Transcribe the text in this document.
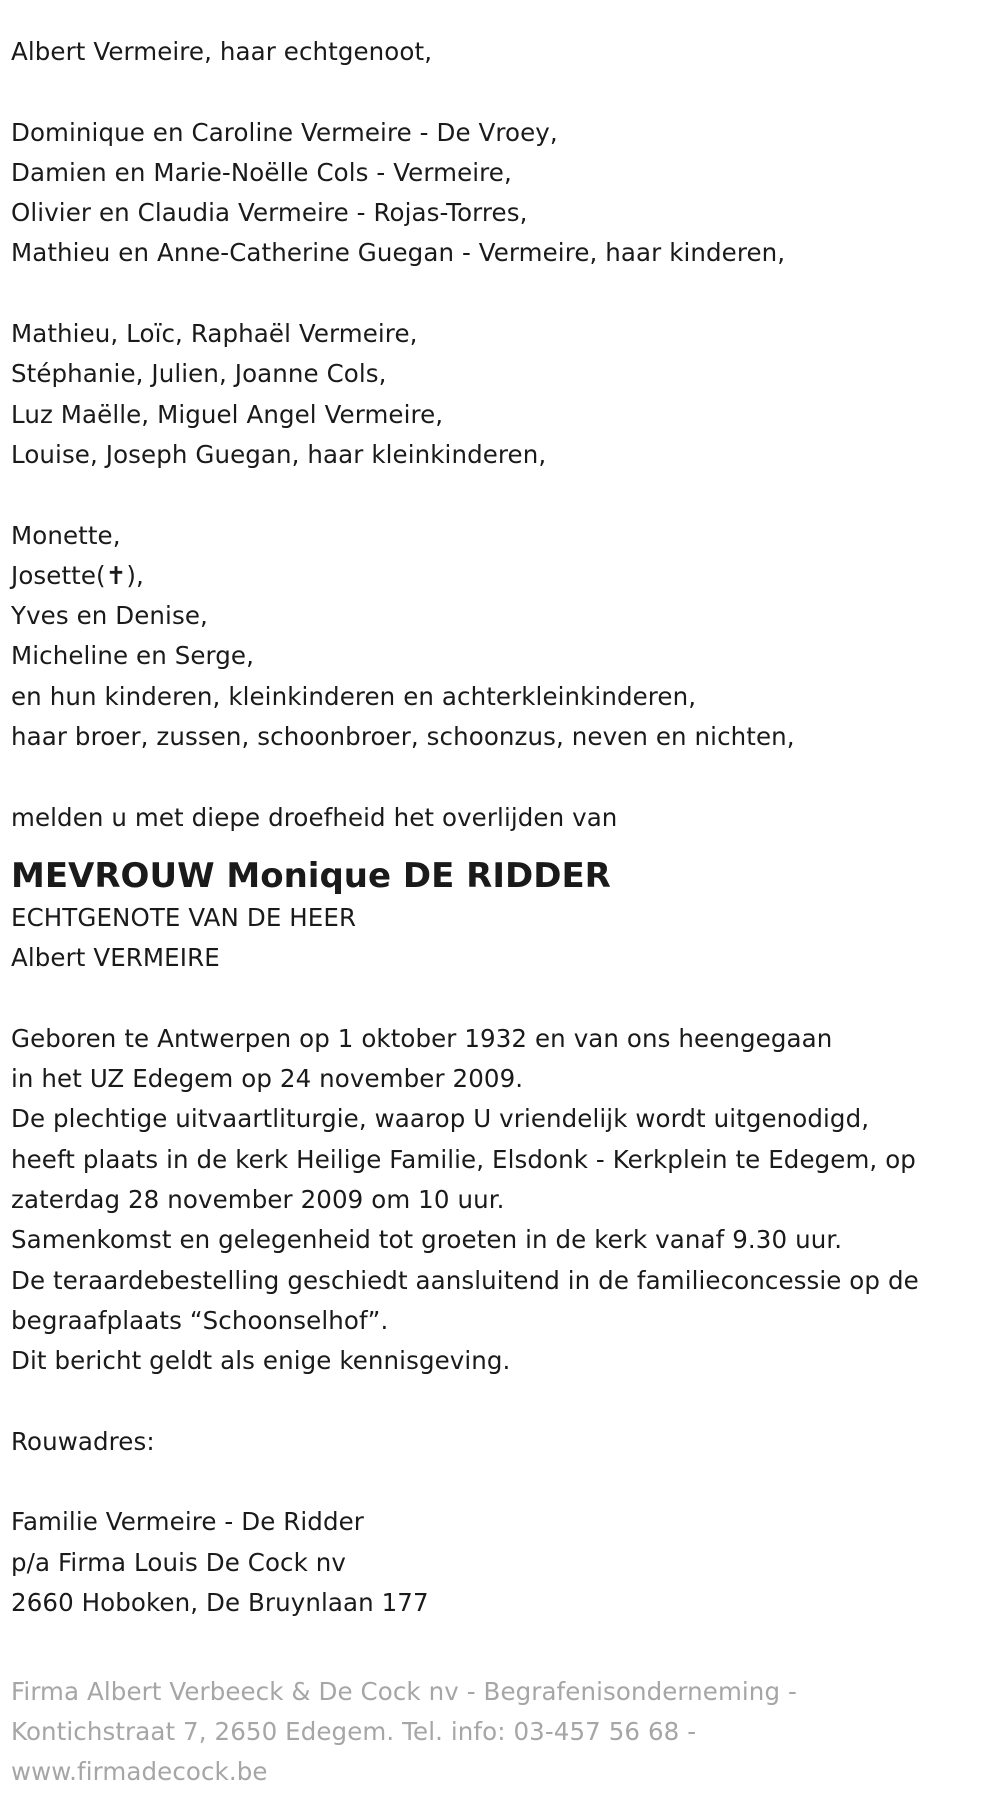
Albert Vermeire, haar echtgenoot,
Dominique en Caroline Vermeire - De Vroey,
Damien en Marie-Noëlle Cols - Vermeire,
Olivier en Claudia Vermeire - Rojas-Torres,
Mathieu en Anne-Catherine Guegan - Vermeire, haar kinderen,
Mathieu, Loïc, Raphaël Vermeire,
Stéphanie, Julien, Joanne Cols,
Luz Maëlle, Miguel Angel Vermeire,
Louise, Joseph Guegan, haar kleinkinderen,
Monette,
Josette(✝),
Yves en Denise,
Micheline en Serge,
en hun kinderen, kleinkinderen en achterkleinkinderen,
haar broer, zussen, schoonbroer, schoonzus, neven en nichten,
melden u met diepe droefheid het overlijden van
MEVROUW Monique DE RIDDER
ECHTGENOTE VAN DE HEER
Albert VERMEIRE
Geboren te Antwerpen op 1 oktober 1932 en van ons heengegaan
in het UZ Edegem op 24 november 2009.
De plechtige uitvaartliturgie, waarop U vriendelijk wordt uitgenodigd,
heeft plaats in de kerk Heilige Familie, Elsdonk - Kerkplein te Edegem, op
zaterdag 28 november 2009 om 10 uur.
Samenkomst en gelegenheid tot groeten in de kerk vanaf 9.30 uur.
De teraardebestelling geschiedt aansluitend in de familieconcessie op de
begraafplaats “Schoonselhof”.
Dit bericht geldt als enige kennisgeving.
Rouwadres:
Familie Vermeire - De Ridder
p/a Firma Louis De Cock nv
2660 Hoboken, De Bruynlaan 177
Firma Albert Verbeeck & De Cock nv - Begrafenisonderneming -
Kontichstraat 7, 2650 Edegem. Tel. info: 03-457 56 68 -
www.firmadecock.be
